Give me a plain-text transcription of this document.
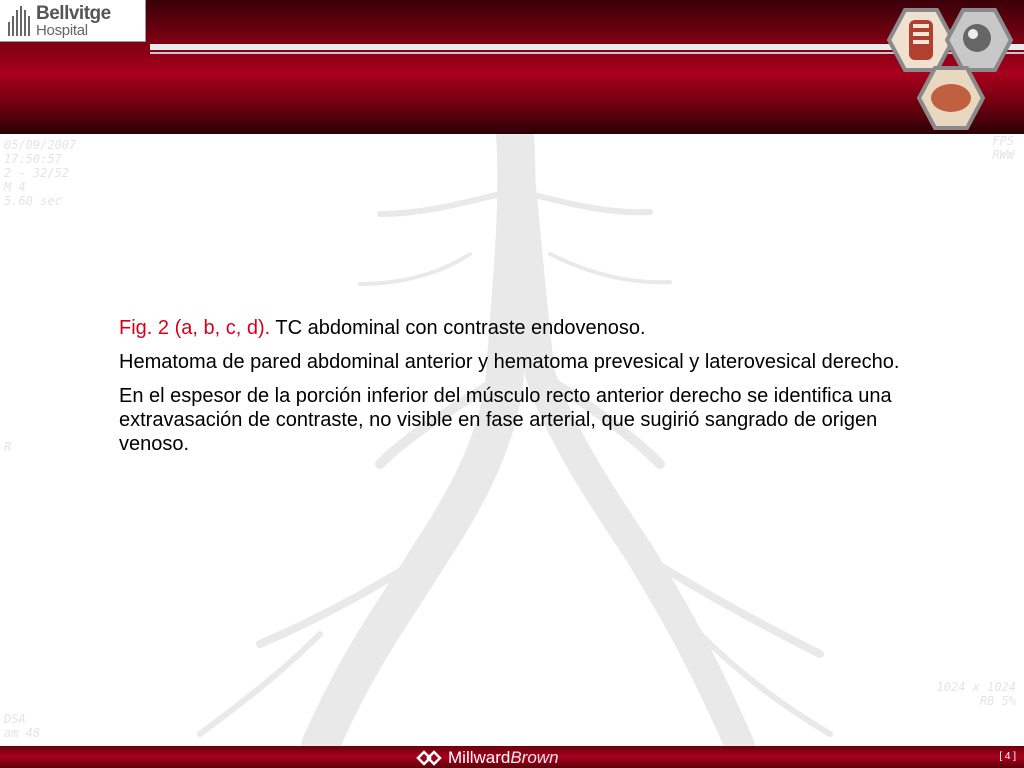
05/09/2007
17:50:57
2 - 32/52
M 4
5.60 sec
FPS
RWW
R
1024 x 1024
RB 5%
DSA
am 48
Bellvitge
Hospital

Fig. 2 (a, b, c, d). TC abdominal con contraste endovenoso.

Hematoma de pared abdominal anterior y hematoma prevesical y laterovesical derecho.

En el espesor de la porción inferior del músculo recto anterior derecho se identifica una extravasación de contraste, no visible en fase arterial, que sugirió sangrado de origen venoso.

Millward Brown	[ 4 ]
